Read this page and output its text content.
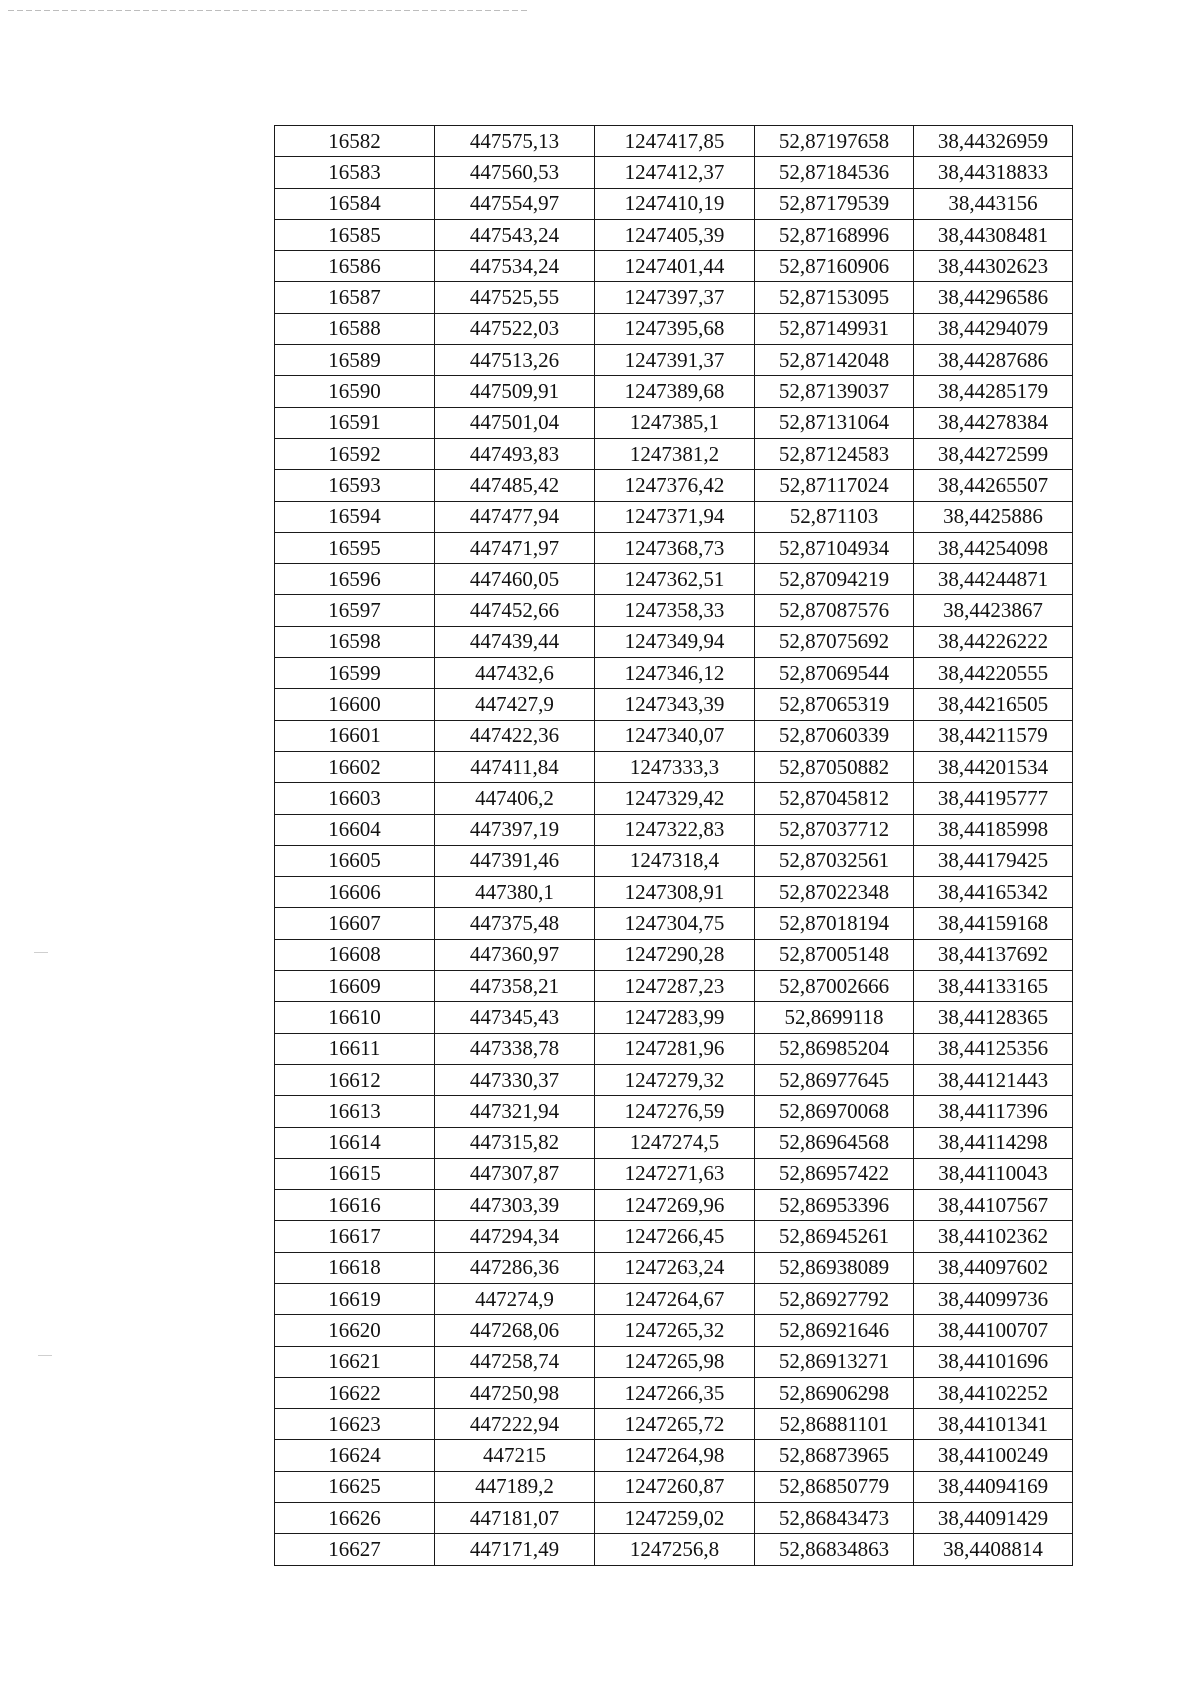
16582	447575,13	1247417,85	52,87197658	38,44326959
16583	447560,53	1247412,37	52,87184536	38,44318833
16584	447554,97	1247410,19	52,87179539	38,443156
16585	447543,24	1247405,39	52,87168996	38,44308481
16586	447534,24	1247401,44	52,87160906	38,44302623
16587	447525,55	1247397,37	52,87153095	38,44296586
16588	447522,03	1247395,68	52,87149931	38,44294079
16589	447513,26	1247391,37	52,87142048	38,44287686
16590	447509,91	1247389,68	52,87139037	38,44285179
16591	447501,04	1247385,1	52,87131064	38,44278384
16592	447493,83	1247381,2	52,87124583	38,44272599
16593	447485,42	1247376,42	52,87117024	38,44265507
16594	447477,94	1247371,94	52,871103	38,4425886
16595	447471,97	1247368,73	52,87104934	38,44254098
16596	447460,05	1247362,51	52,87094219	38,44244871
16597	447452,66	1247358,33	52,87087576	38,4423867
16598	447439,44	1247349,94	52,87075692	38,44226222
16599	447432,6	1247346,12	52,87069544	38,44220555
16600	447427,9	1247343,39	52,87065319	38,44216505
16601	447422,36	1247340,07	52,87060339	38,44211579
16602	447411,84	1247333,3	52,87050882	38,44201534
16603	447406,2	1247329,42	52,87045812	38,44195777
16604	447397,19	1247322,83	52,87037712	38,44185998
16605	447391,46	1247318,4	52,87032561	38,44179425
16606	447380,1	1247308,91	52,87022348	38,44165342
16607	447375,48	1247304,75	52,87018194	38,44159168
16608	447360,97	1247290,28	52,87005148	38,44137692
16609	447358,21	1247287,23	52,87002666	38,44133165
16610	447345,43	1247283,99	52,8699118	38,44128365
16611	447338,78	1247281,96	52,86985204	38,44125356
16612	447330,37	1247279,32	52,86977645	38,44121443
16613	447321,94	1247276,59	52,86970068	38,44117396
16614	447315,82	1247274,5	52,86964568	38,44114298
16615	447307,87	1247271,63	52,86957422	38,44110043
16616	447303,39	1247269,96	52,86953396	38,44107567
16617	447294,34	1247266,45	52,86945261	38,44102362
16618	447286,36	1247263,24	52,86938089	38,44097602
16619	447274,9	1247264,67	52,86927792	38,44099736
16620	447268,06	1247265,32	52,86921646	38,44100707
16621	447258,74	1247265,98	52,86913271	38,44101696
16622	447250,98	1247266,35	52,86906298	38,44102252
16623	447222,94	1247265,72	52,86881101	38,44101341
16624	447215	1247264,98	52,86873965	38,44100249
16625	447189,2	1247260,87	52,86850779	38,44094169
16626	447181,07	1247259,02	52,86843473	38,44091429
16627	447171,49	1247256,8	52,86834863	38,4408814
